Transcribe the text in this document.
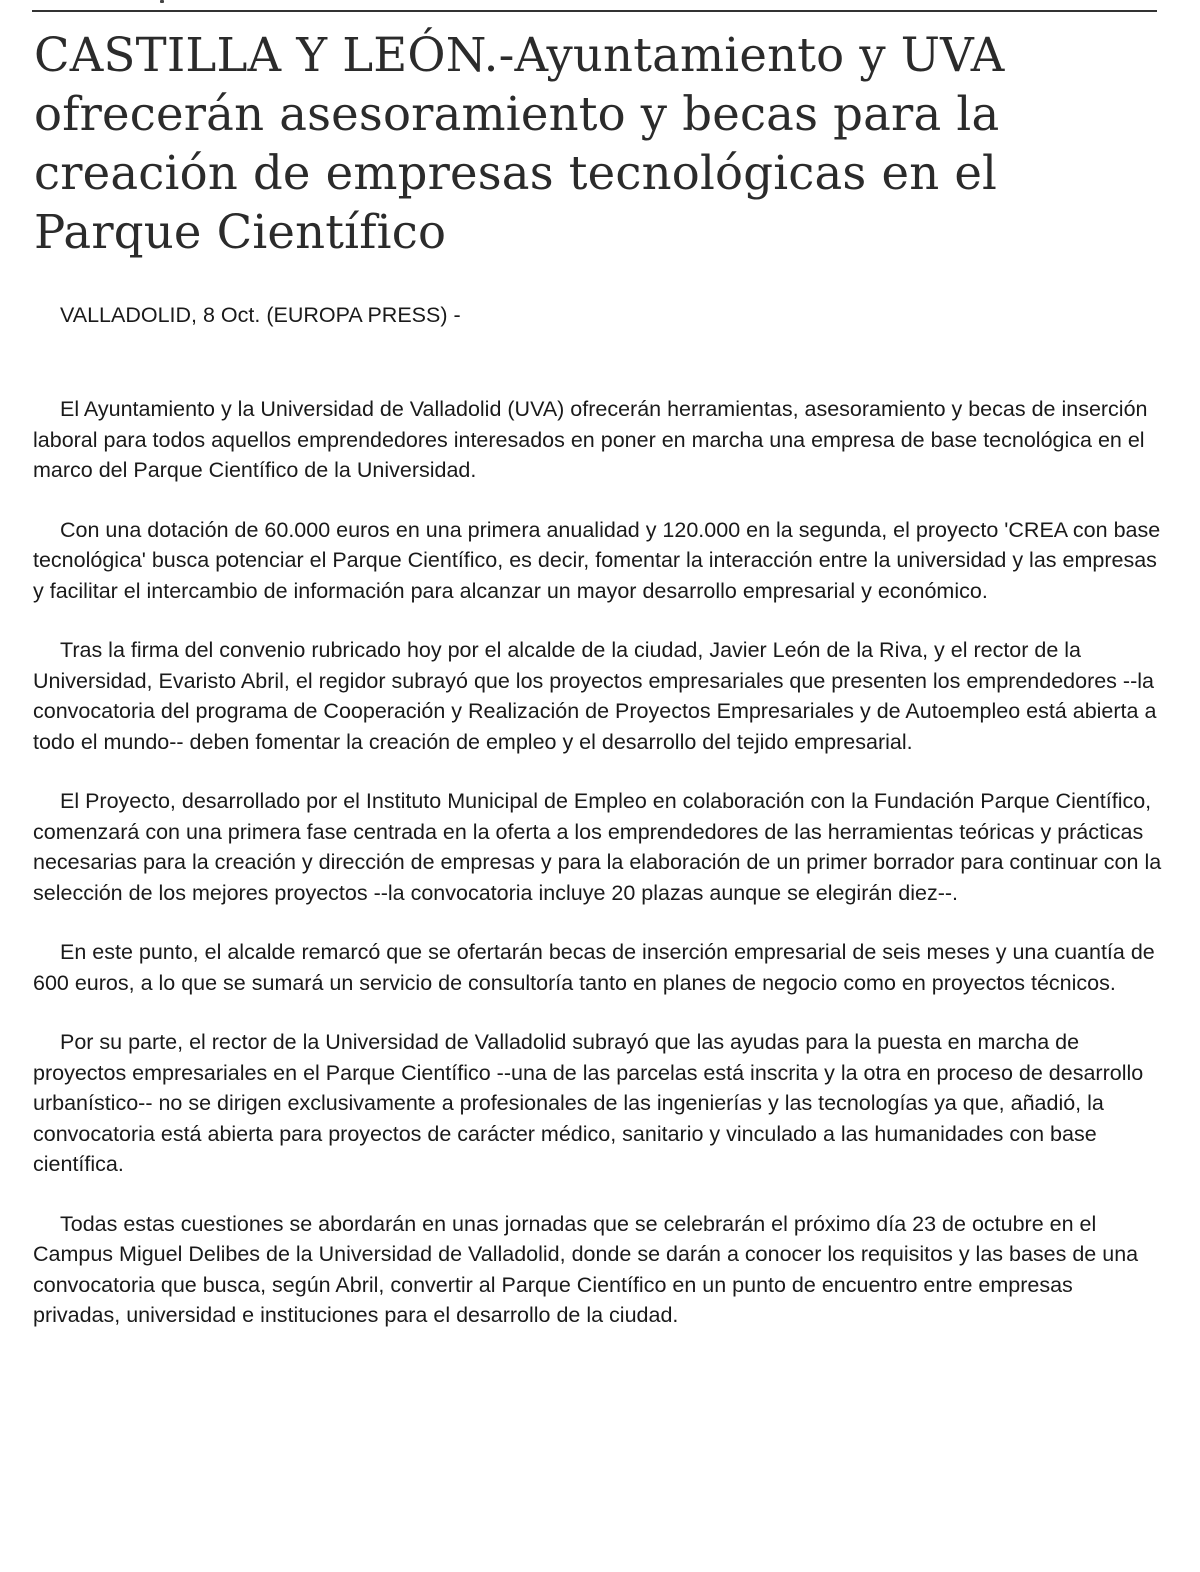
CASTILLA Y LEÓN.-Ayuntamiento y UVA ofrecerán asesoramiento y becas para la creación de empresas tecnológicas en el Parque Científico

VALLADOLID, 8 Oct. (EUROPA PRESS) -

El Ayuntamiento y la Universidad de Valladolid (UVA) ofrecerán herramientas, asesoramiento y becas de inserción laboral para todos aquellos emprendedores interesados en poner en marcha una empresa de base tecnológica en el marco del Parque Científico de la Universidad.

Con una dotación de 60.000 euros en una primera anualidad y 120.000 en la segunda, el proyecto 'CREA con base tecnológica' busca potenciar el Parque Científico, es decir, fomentar la interacción entre la universidad y las empresas y facilitar el intercambio de información para alcanzar un mayor desarrollo empresarial y económico.

Tras la firma del convenio rubricado hoy por el alcalde de la ciudad, Javier León de la Riva, y el rector de la Universidad, Evaristo Abril, el regidor subrayó que los proyectos empresariales que presenten los emprendedores --la convocatoria del programa de Cooperación y Realización de Proyectos Empresariales y de Autoempleo está abierta a todo el mundo-- deben fomentar la creación de empleo y el desarrollo del tejido empresarial.

El Proyecto, desarrollado por el Instituto Municipal de Empleo en colaboración con la Fundación Parque Científico, comenzará con una primera fase centrada en la oferta a los emprendedores de las herramientas teóricas y prácticas necesarias para la creación y dirección de empresas y para la elaboración de un primer borrador para continuar con la selección de los mejores proyectos --la convocatoria incluye 20 plazas aunque se elegirán diez--.

En este punto, el alcalde remarcó que se ofertarán becas de inserción empresarial de seis meses y una cuantía de 600 euros, a lo que se sumará un servicio de consultoría tanto en planes de negocio como en proyectos técnicos.

Por su parte, el rector de la Universidad de Valladolid subrayó que las ayudas para la puesta en marcha de proyectos empresariales en el Parque Científico --una de las parcelas está inscrita y la otra en proceso de desarrollo urbanístico-- no se dirigen exclusivamente a profesionales de las ingenierías y las tecnologías ya que, añadió, la convocatoria está abierta para proyectos de carácter médico, sanitario y vinculado a las humanidades con base científica.

Todas estas cuestiones se abordarán en unas jornadas que se celebrarán el próximo día 23 de octubre en el Campus Miguel Delibes de la Universidad de Valladolid, donde se darán a conocer los requisitos y las bases de una convocatoria que busca, según Abril, convertir al Parque Científico en un punto de encuentro entre empresas privadas, universidad e instituciones para el desarrollo de la ciudad.
